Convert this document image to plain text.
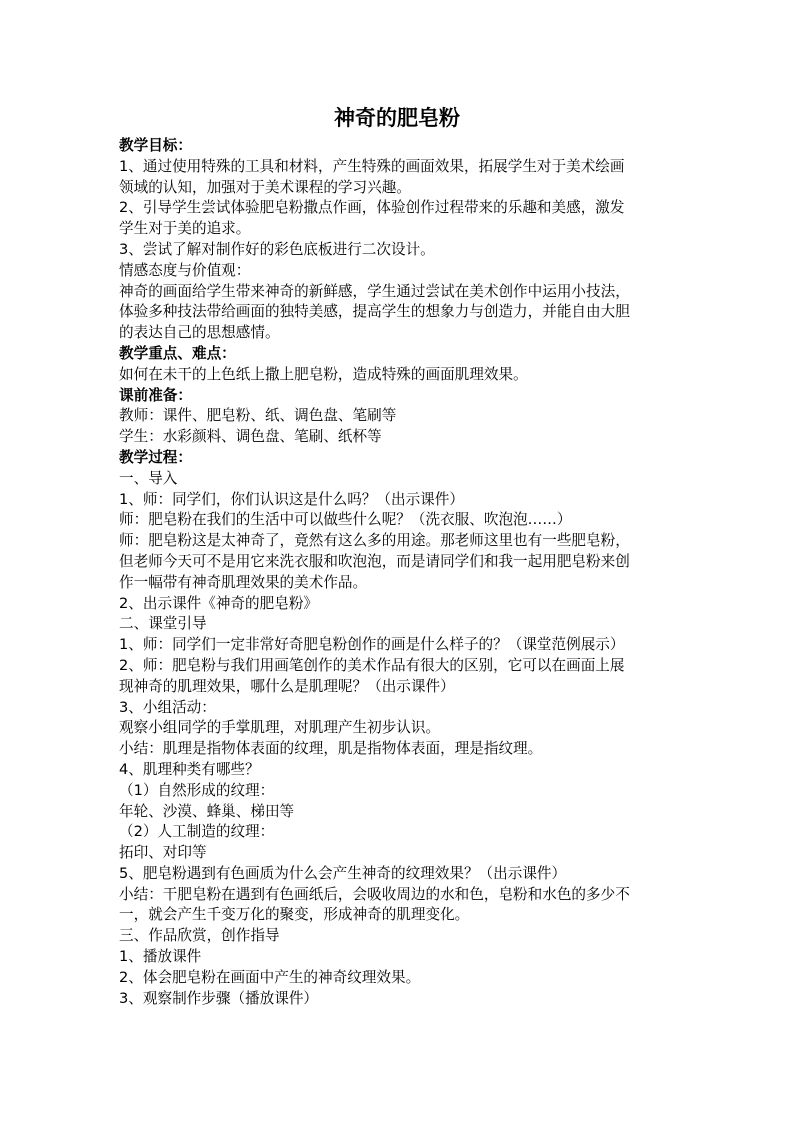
神奇的肥皂粉
教学目标：
1、通过使用特殊的工具和材料，产生特殊的画面效果，拓展学生对于美术绘画
领域的认知，加强对于美术课程的学习兴趣。
2、引导学生尝试体验肥皂粉撒点作画，体验创作过程带来的乐趣和美感，激发
学生对于美的追求。
3、尝试了解对制作好的彩色底板进行二次设计。
情感态度与价值观：
神奇的画面给学生带来神奇的新鲜感，学生通过尝试在美术创作中运用小技法，
体验多种技法带给画面的独特美感，提高学生的想象力与创造力，并能自由大胆
的表达自己的思想感情。
教学重点、难点：
如何在未干的上色纸上撒上肥皂粉，造成特殊的画面肌理效果。
课前准备：
教师：课件、肥皂粉、纸、调色盘、笔刷等
学生：水彩颜料、调色盘、笔刷、纸杯等
教学过程：
一、导入
1、师：同学们，你们认识这是什么吗？（出示课件）
师：肥皂粉在我们的生活中可以做些什么呢？（洗衣服、吹泡泡……）
师：肥皂粉这是太神奇了，竟然有这么多的用途。那老师这里也有一些肥皂粉，
但老师今天可不是用它来洗衣服和吹泡泡，而是请同学们和我一起用肥皂粉来创
作一幅带有神奇肌理效果的美术作品。
2、出示课件《神奇的肥皂粉》
二、课堂引导
1、师：同学们一定非常好奇肥皂粉创作的画是什么样子的？（课堂范例展示）
2、师：肥皂粉与我们用画笔创作的美术作品有很大的区别，它可以在画面上展
现神奇的肌理效果，哪什么是肌理呢？（出示课件）
3、小组活动：
观察小组同学的手掌肌理，对肌理产生初步认识。
小结：肌理是指物体表面的纹理，肌是指物体表面，理是指纹理。
4、肌理种类有哪些？
（1）自然形成的纹理：
年轮、沙漠、蜂巢、梯田等
（2）人工制造的纹理：
拓印、对印等
5、肥皂粉遇到有色画质为什么会产生神奇的纹理效果？（出示课件）
小结：干肥皂粉在遇到有色画纸后，会吸收周边的水和色，皂粉和水色的多少不
一，就会产生千变万化的聚变，形成神奇的肌理变化。
三、作品欣赏，创作指导
1、播放课件
2、体会肥皂粉在画面中产生的神奇纹理效果。
3、观察制作步骤（播放课件）
